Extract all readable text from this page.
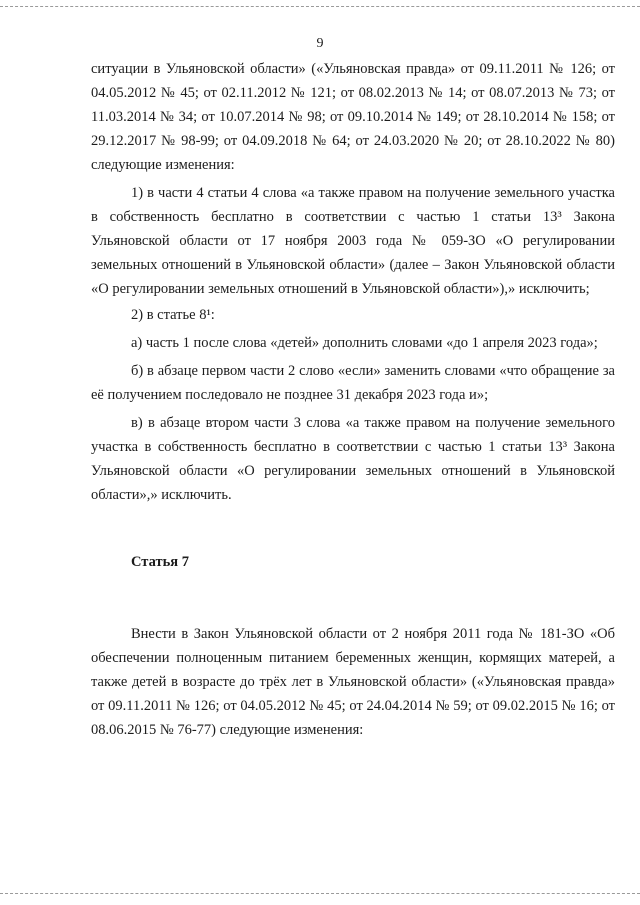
9

ситуации в Ульяновской области» («Ульяновская правда» от 09.11.2011 № 126; от 04.05.2012 № 45; от 02.11.2012 № 121; от 08.02.2013 № 14; от 08.07.2013 № 73; от 11.03.2014 № 34; от 10.07.2014 № 98; от 09.10.2014 № 149; от 28.10.2014 № 158; от 29.12.2017 № 98-99; от 04.09.2018 № 64; от 24.03.2020 № 20; от 28.10.2022 № 80) следующие изменения:

1) в части 4 статьи 4 слова «а также правом на получение земельного участка в собственность бесплатно в соответствии с частью 1 статьи 13³ Закона Ульяновской области от 17 ноября 2003 года № 059-ЗО «О регулировании земельных отношений в Ульяновской области» (далее – Закон Ульяновской области «О регулировании земельных отношений в Ульяновской области»),» исключить;

2) в статье 8¹:

а) часть 1 после слова «детей» дополнить словами «до 1 апреля 2023 года»;

б) в абзаце первом части 2 слово «если» заменить словами «что обращение за её получением последовало не позднее 31 декабря 2023 года и»;

в) в абзаце втором части 3 слова «а также правом на получение земельного участка в собственность бесплатно в соответствии с частью 1 статьи 13³ Закона Ульяновской области «О регулировании земельных отношений в Ульяновской области»,» исключить.

Статья 7

Внести в Закон Ульяновской области от 2 ноября 2011 года № 181-ЗО «Об обеспечении полноценным питанием беременных женщин, кормящих матерей, а также детей в возрасте до трёх лет в Ульяновской области» («Ульяновская правда» от 09.11.2011 № 126; от 04.05.2012 № 45; от 24.04.2014 № 59; от 09.02.2015 № 16; от 08.06.2015 № 76-77) следующие изменения:
